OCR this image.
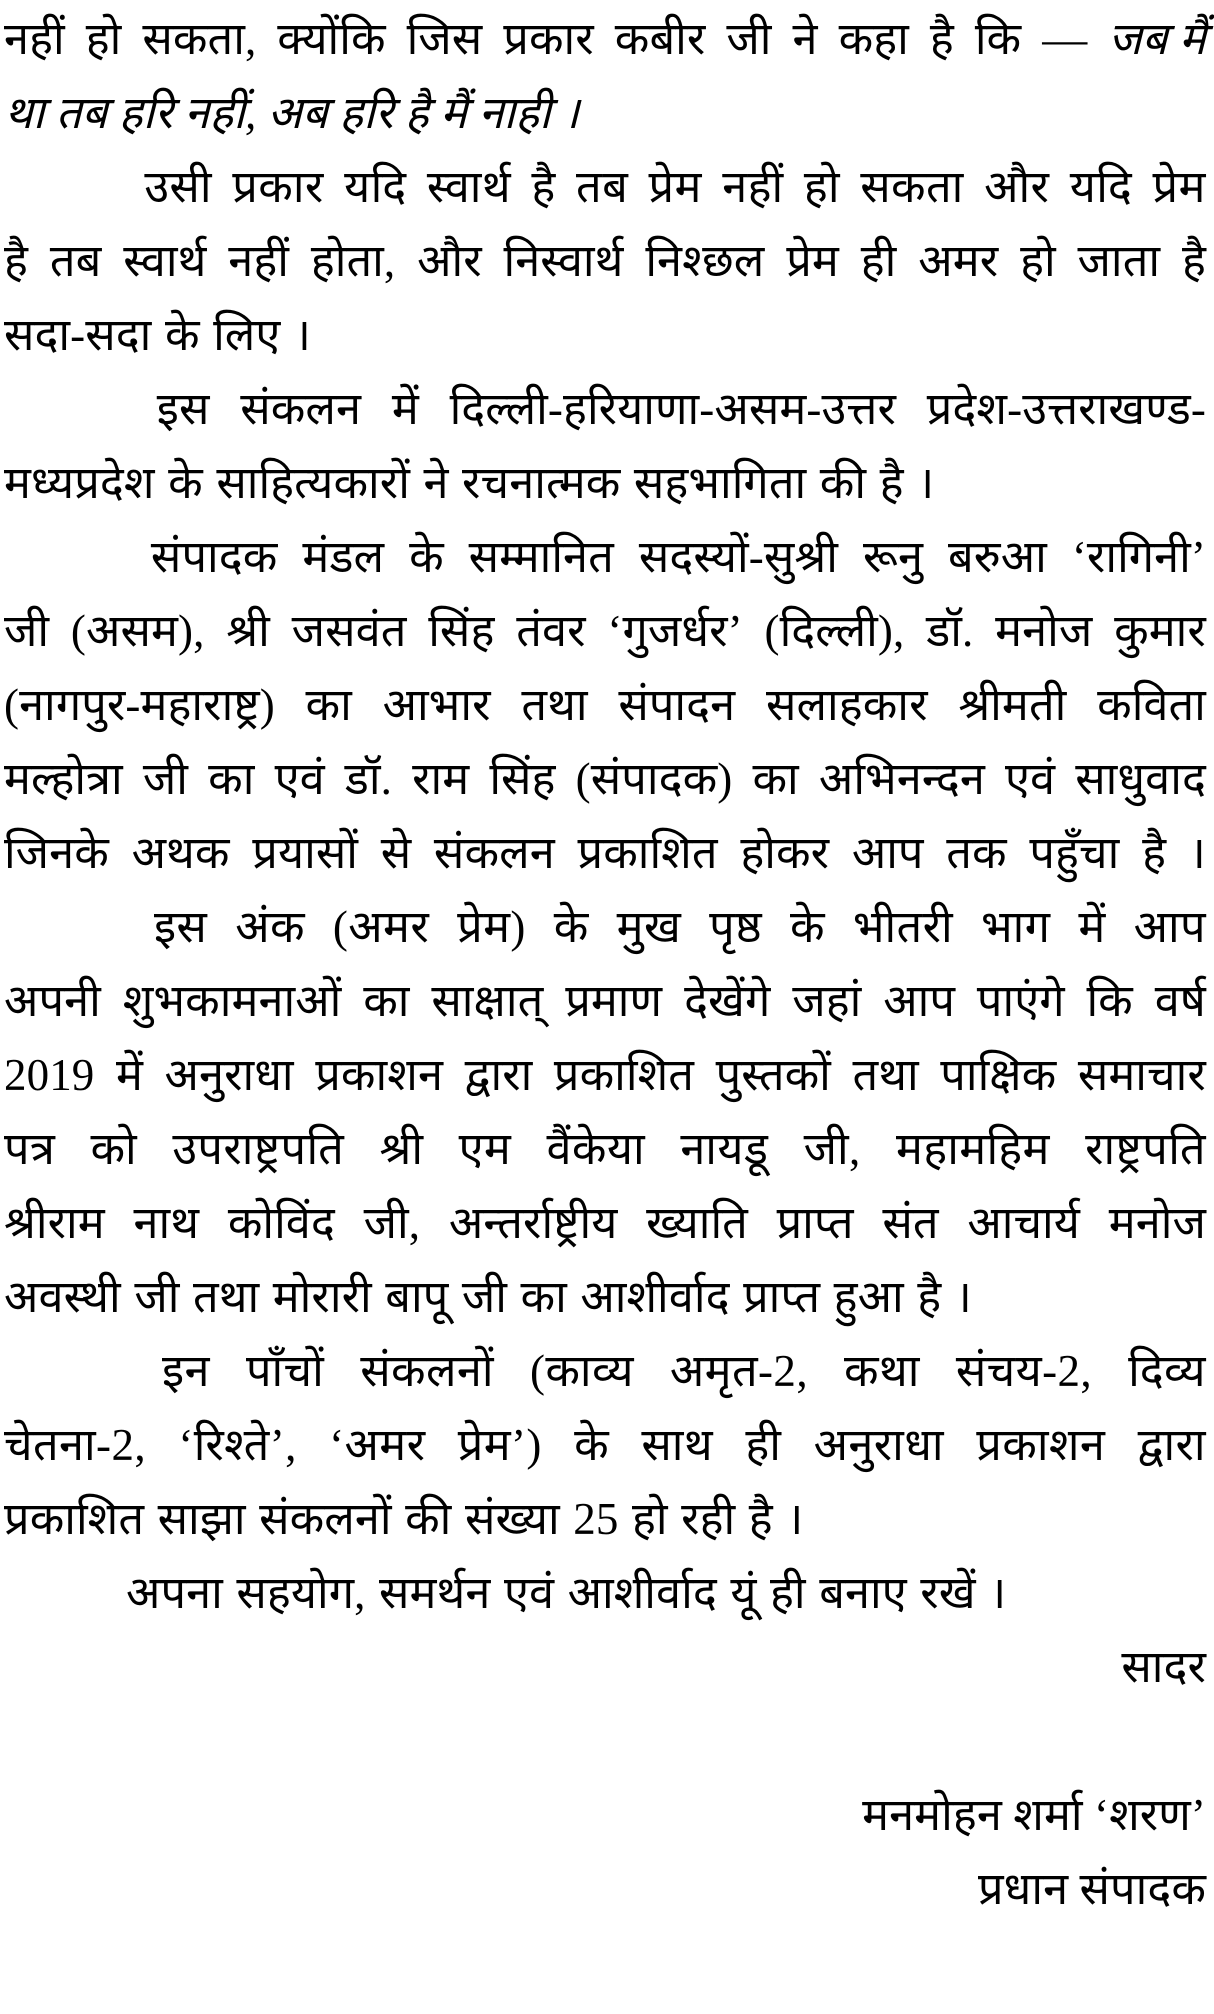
नहीं हो सकता, क्योंकि जिस प्रकार कबीर जी ने कहा है कि — जब मैं
था तब हरि नहीं, अब हरि है मैं नाही ।
उसी प्रकार यदि स्वार्थ है तब प्रेम नहीं हो सकता और यदि प्रेम
है तब स्वार्थ नहीं होता, और निस्वार्थ निश्छल प्रेम ही अमर हो जाता है
सदा-सदा के लिए ।
इस संकलन में दिल्ली-हरियाणा-असम-उत्तर प्रदेश-उत्तराखण्ड-
मध्यप्रदेश के साहित्यकारों ने रचनात्मक सहभागिता की है ।
संपादक मंडल के सम्मानित सदस्यों-सुश्री रूनु बरुआ ‘रागिनी’
जी (असम), श्री जसवंत सिंह तंवर ‘गुजर्धर’ (दिल्ली), डॉ. मनोज कुमार
(नागपुर-महाराष्ट्र) का आभार तथा संपादन सलाहकार श्रीमती कविता
मल्होत्रा जी का एवं डॉ. राम सिंह (संपादक) का अभिनन्दन एवं साधुवाद
जिनके अथक प्रयासों से संकलन प्रकाशित होकर आप तक पहुँचा है ।
इस अंक (अमर प्रेम) के मुख पृष्ठ के भीतरी भाग में आप
अपनी शुभकामनाओं का साक्षात् प्रमाण देखेंगे जहां आप पाएंगे कि वर्ष
2019 में अनुराधा प्रकाशन द्वारा प्रकाशित पुस्तकों तथा पाक्षिक समाचार
पत्र को उपराष्ट्रपति श्री एम वैंकेया नायडू जी, महामहिम राष्ट्रपति
श्रीराम नाथ कोविंद जी, अन्तर्राष्ट्रीय ख्याति प्राप्त संत आचार्य मनोज
अवस्थी जी तथा मोरारी बापू जी का आशीर्वाद प्राप्त हुआ है ।
इन पाँचों संकलनों (काव्य अमृत-2, कथा संचय-2, दिव्य
चेतना-2, ‘रिश्ते’, ‘अमर प्रेम’) के साथ ही अनुराधा प्रकाशन द्वारा
प्रकाशित साझा संकलनों की संख्या 25 हो रही है ।
अपना सहयोग, समर्थन एवं आशीर्वाद यूं ही बनाए रखें ।
सादर
मनमोहन शर्मा ‘शरण’
प्रधान संपादक
